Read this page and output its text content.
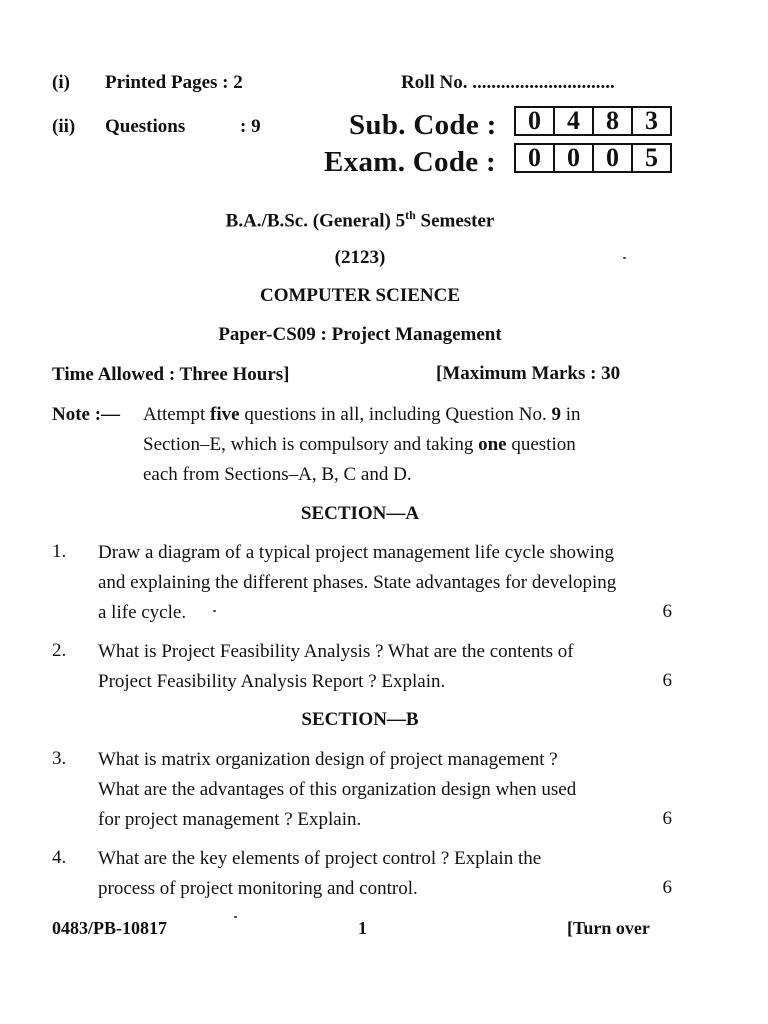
(i) Printed Pages : 2
(ii) Questions	: 9
Roll No. ..............................
Sub. Code :	0	4	8	3
Exam. Code :	0	0	0	5
B.A./B.Sc. (General) 5th Semester
(2123)
COMPUTER SCIENCE
Paper-CS09 : Project Management
Time Allowed : Three Hours]	[Maximum Marks : 30
Note :— Attempt five questions in all, including Question No. 9 in
Section–E, which is compulsory and taking one question
each from Sections–A, B, C and D.
SECTION—A
1. Draw a diagram of a typical project management life cycle showing
and explaining the different phases. State advantages for developing
a life cycle.	6
2. What is Project Feasibility Analysis ? What are the contents of
Project Feasibility Analysis Report ? Explain.	6
SECTION—B
3. What is matrix organization design of project management ?
What are the advantages of this organization design when used
for project management ? Explain.	6
4. What are the key elements of project control ? Explain the
process of project monitoring and control.	6
0483/PB-10817	1	[Turn over
